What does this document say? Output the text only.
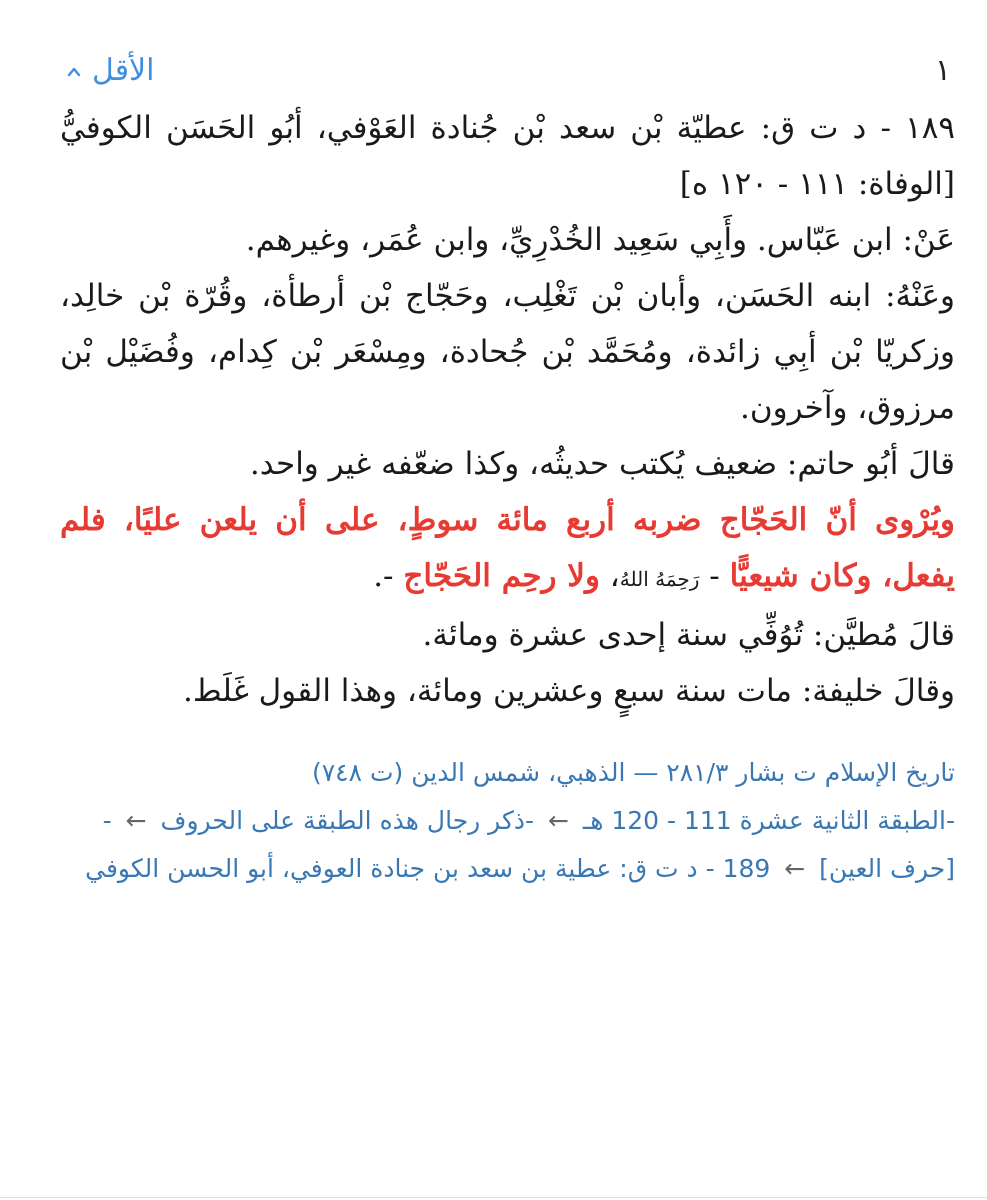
١
الأقل

١٨٩ - د ت ق: عطيّة بْن سعد بْن جُنادة العَوْفي، أبُو الحَسَن الكوفيُّ [الوفاة: ١١١ - ١٢٠ ه]

عَنْ: ابن عَبّاس. وأَبِي سَعِيد الخُدْرِيِّ، وابن عُمَر، وغيرهم.

وعَنْهُ: ابنه الحَسَن، وأبان بْن تَغْلِب، وحَجّاج بْن أرطأة، وقُرّة بْن خالِد، وزكريّا بْن أبِي زائدة، ومُحَمَّد بْن جُحادة، ومِسْعَر بْن كِدام، وفُضَيْل بْن مرزوق، وآخرون.

قالَ أبُو حاتم: ضعيف يُكتب حديثُه، وكذا ضعّفه غير واحد.

ويُرْوى أنّ الحَجّاج ضربه أربع مائة سوطٍ، على أن يلعن عليًا، فلم يفعل، وكان شيعيًّا - رَحِمَهُ اللهُ، ولا رحِم الحَجّاج -.

قالَ مُطيَّن: تُوُفِّي سنة إحدى عشرة ومائة.

وقالَ خليفة: مات سنة سبعٍ وعشرين ومائة، وهذا القول غَلَط.

تاريخ الإسلام ت بشار ٢٨١/٣ — الذهبي، شمس الدين (ت ٧٤٨)
-الطبقة الثانية عشرة 111 - 120 هـ ← -ذكر رجال هذه الطبقة على الحروف ← -[حرف العين] ← 189 - د ت ق: عطية بن سعد بن جنادة العوفي، أبو الحسن الكوفي
